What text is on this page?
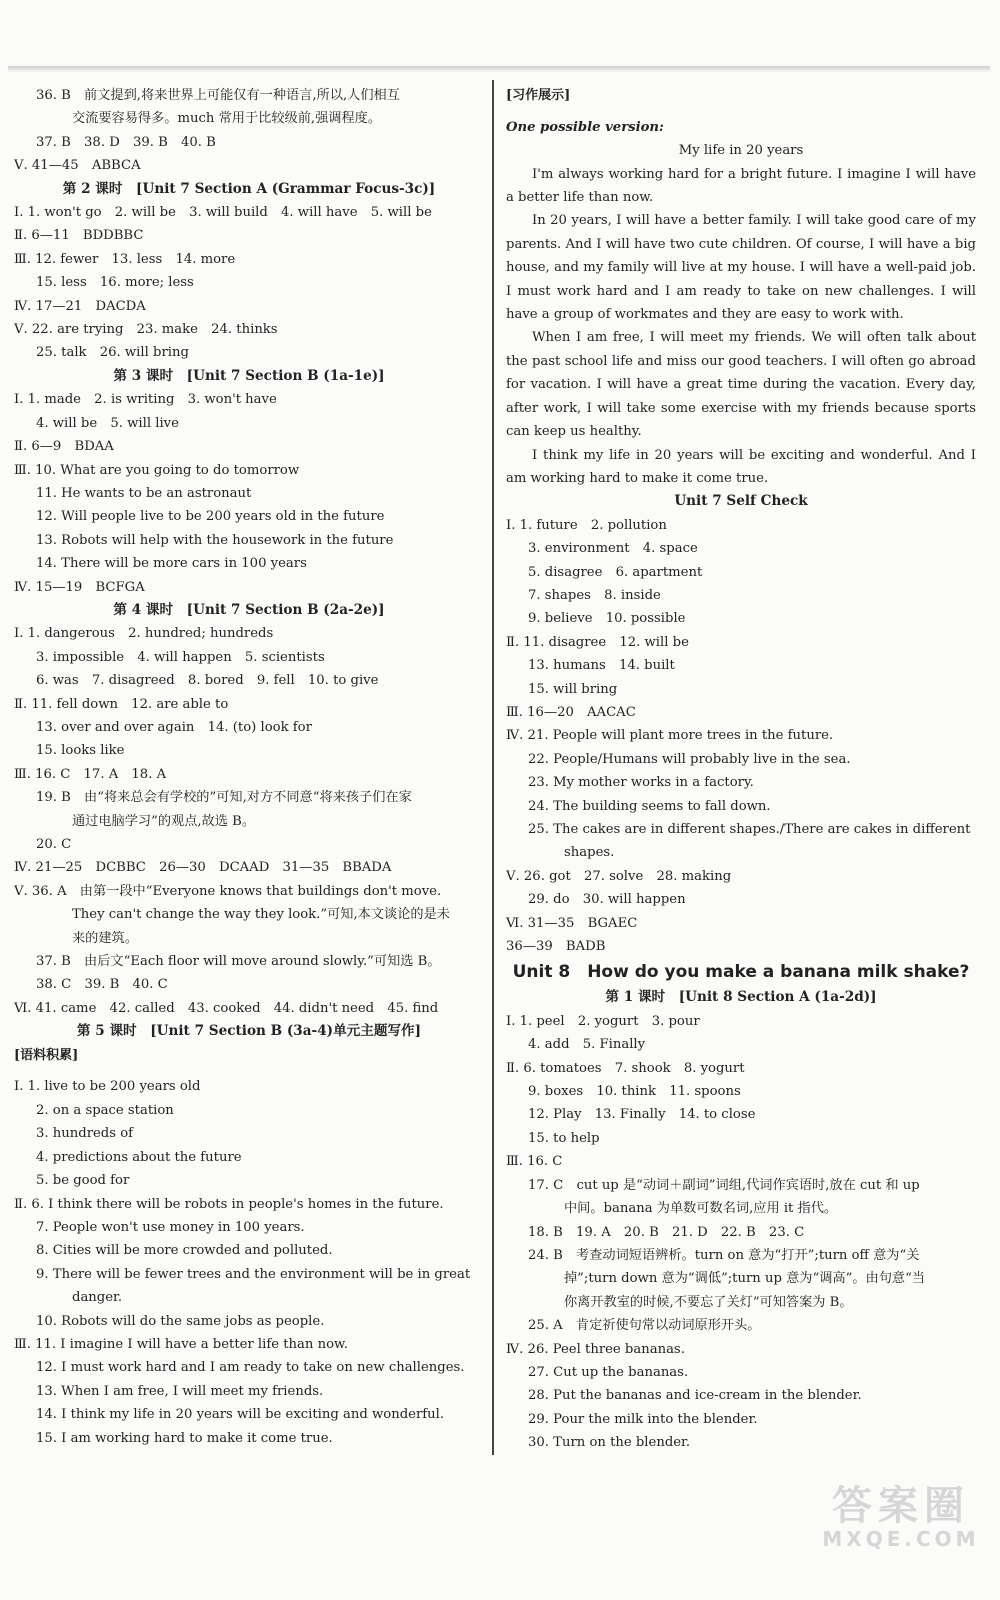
36. B　前文提到,将来世界上可能仅有一种语言,所以,人们相互
交流要容易得多。much 常用于比较级前,强调程度。
37. B　38. D　39. B　40. B
Ⅴ. 41—45　ABBCA
第 2 课时　[Unit 7 Section A (Grammar Focus-3c)]
Ⅰ. 1. won't go　2. will be　3. will build　4. will have　5. will be
Ⅱ. 6—11　BDDBBC
Ⅲ. 12. fewer　13. less　14. more
15. less　16. more; less
Ⅳ. 17—21　DACDA
Ⅴ. 22. are trying　23. make　24. thinks
25. talk　26. will bring
第 3 课时　[Unit 7 Section B (1a-1e)]
Ⅰ. 1. made　2. is writing　3. won't have
4. will be　5. will live
Ⅱ. 6—9　BDAA
Ⅲ. 10. What are you going to do tomorrow
11. He wants to be an astronaut
12. Will people live to be 200 years old in the future
13. Robots will help with the housework in the future
14. There will be more cars in 100 years
Ⅳ. 15—19　BCFGA
第 4 课时　[Unit 7 Section B (2a-2e)]
Ⅰ. 1. dangerous　2. hundred; hundreds
3. impossible　4. will happen　5. scientists
6. was　7. disagreed　8. bored　9. fell　10. to give
Ⅱ. 11. fell down　12. are able to
13. over and over again　14. (to) look for
15. looks like
Ⅲ. 16. C　17. A　18. A
19. B　由“将来总会有学校的”可知,对方不同意“将来孩子们在家
通过电脑学习”的观点,故选 B。
20. C
Ⅳ. 21—25　DCBBC　26—30　DCAAD　31—35　BBADA
Ⅴ. 36. A　由第一段中“Everyone knows that buildings don't move.
They can't change the way they look.”可知,本文谈论的是未
来的建筑。
37. B　由后文“Each floor will move around slowly.”可知选 B。
38. C　39. B　40. C
Ⅵ. 41. came　42. called　43. cooked　44. didn't need　45. find
第 5 课时　[Unit 7 Section B (3a-4)单元主题写作]
[语料积累]
Ⅰ. 1. live to be 200 years old
2. on a space station
3. hundreds of
4. predictions about the future
5. be good for
Ⅱ. 6. I think there will be robots in people's homes in the future.
7. People won't use money in 100 years.
8. Cities will be more crowded and polluted.
9. There will be fewer trees and the environment will be in great
danger.
10. Robots will do the same jobs as people.
Ⅲ. 11. I imagine I will have a better life than now.
12. I must work hard and I am ready to take on new challenges.
13. When I am free, I will meet my friends.
14. I think my life in 20 years will be exciting and wonderful.
15. I am working hard to make it come true.
[习作展示]
One possible version:
My life in 20 years
I'm always working hard for a bright future. I imagine I will have a better life than now.
In 20 years, I will have a better family. I will take good care of my parents. And I will have two cute children. Of course, I will have a big house, and my family will live at my house. I will have a well-paid job. I must work hard and I am ready to take on new challenges. I will have a group of workmates and they are easy to work with.
When I am free, I will meet my friends. We will often talk about the past school life and miss our good teachers. I will often go abroad for vacation. I will have a great time during the vacation. Every day, after work, I will take some exercise with my friends because sports can keep us healthy.
I think my life in 20 years will be exciting and wonderful. And I am working hard to make it come true.
Unit 7 Self Check
Ⅰ. 1. future　2. pollution
3. environment　4. space
5. disagree　6. apartment
7. shapes　8. inside
9. believe　10. possible
Ⅱ. 11. disagree　12. will be
13. humans　14. built
15. will bring
Ⅲ. 16—20　AACAC
Ⅳ. 21. People will plant more trees in the future.
22. People/Humans will probably live in the sea.
23. My mother works in a factory.
24. The building seems to fall down.
25. The cakes are in different shapes./There are cakes in different
shapes.
Ⅴ. 26. got　27. solve　28. making
29. do　30. will happen
Ⅵ. 31—35　BGAEC
36—39　BADB
Unit 8　How do you make a banana milk shake?
第 1 课时　[Unit 8 Section A (1a-2d)]
Ⅰ. 1. peel　2. yogurt　3. pour
4. add　5. Finally
Ⅱ. 6. tomatoes　7. shook　8. yogurt
9. boxes　10. think　11. spoons
12. Play　13. Finally　14. to close
15. to help
Ⅲ. 16. C
17. C　cut up 是“动词＋副词”词组,代词作宾语时,放在 cut 和 up
中间。banana 为单数可数名词,应用 it 指代。
18. B　19. A　20. B　21. D　22. B　23. C
24. B　考查动词短语辨析。turn on 意为“打开”;turn off 意为“关
掉”;turn down 意为“调低”;turn up 意为“调高”。由句意“当
你离开教室的时候,不要忘了关灯”可知答案为 B。
25. A　肯定祈使句常以动词原形开头。
Ⅳ. 26. Peel three bananas.
27. Cut up the bananas.
28. Put the bananas and ice-cream in the blender.
29. Pour the milk into the blender.
30. Turn on the blender.
答案圈
MXQE.COM
